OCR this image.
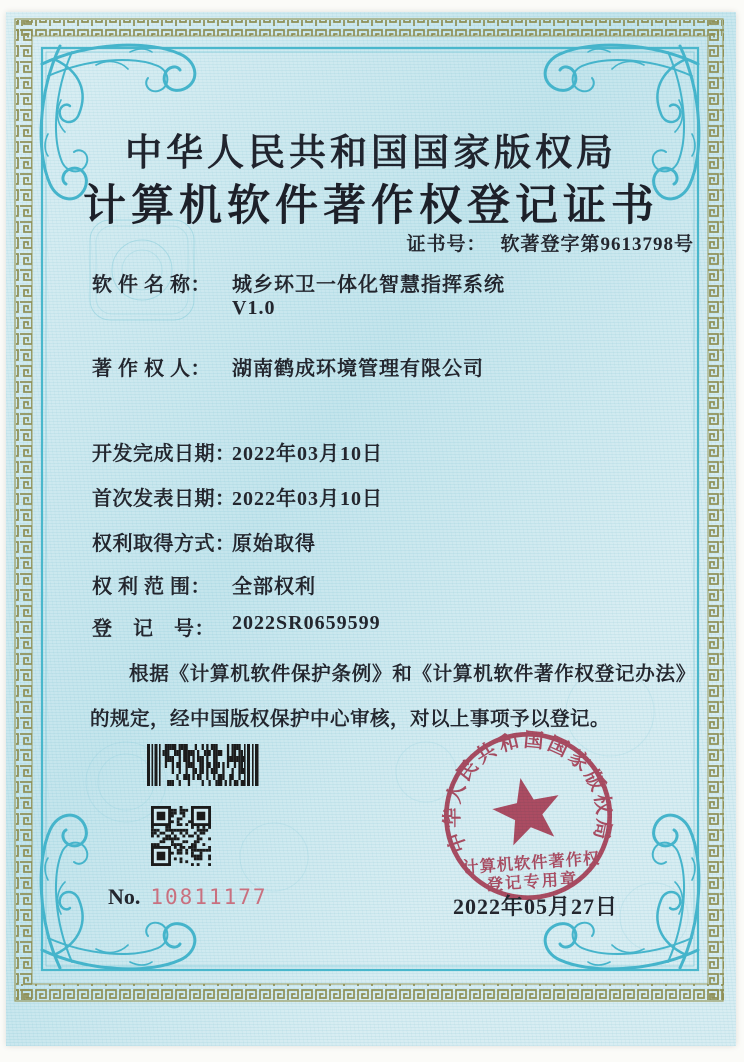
中华人民共和国国家版权局
计算机软件著作权登记证书
证书号： 软著登字第9613798号
软 件 名 称： 城乡环卫一体化智慧指挥系统
V1.0
著 作 权 人： 湖南鹤成环境管理有限公司
开发完成日期：
2022年03月10日
首次发表日期：
2022年03月10日
权利取得方式：
原始取得
权 利 范 围： 全部权利
登　记　号： 2022SR0659599
根据《计算机软件保护条例》和《计算机软件著作权登记办法》的规定，经中国版权保护中心审核，对以上事项予以登记。
No. 10811177
中华人民共和国国家版权局
计算机软件著作权
登记专用章
2022年05月27日
